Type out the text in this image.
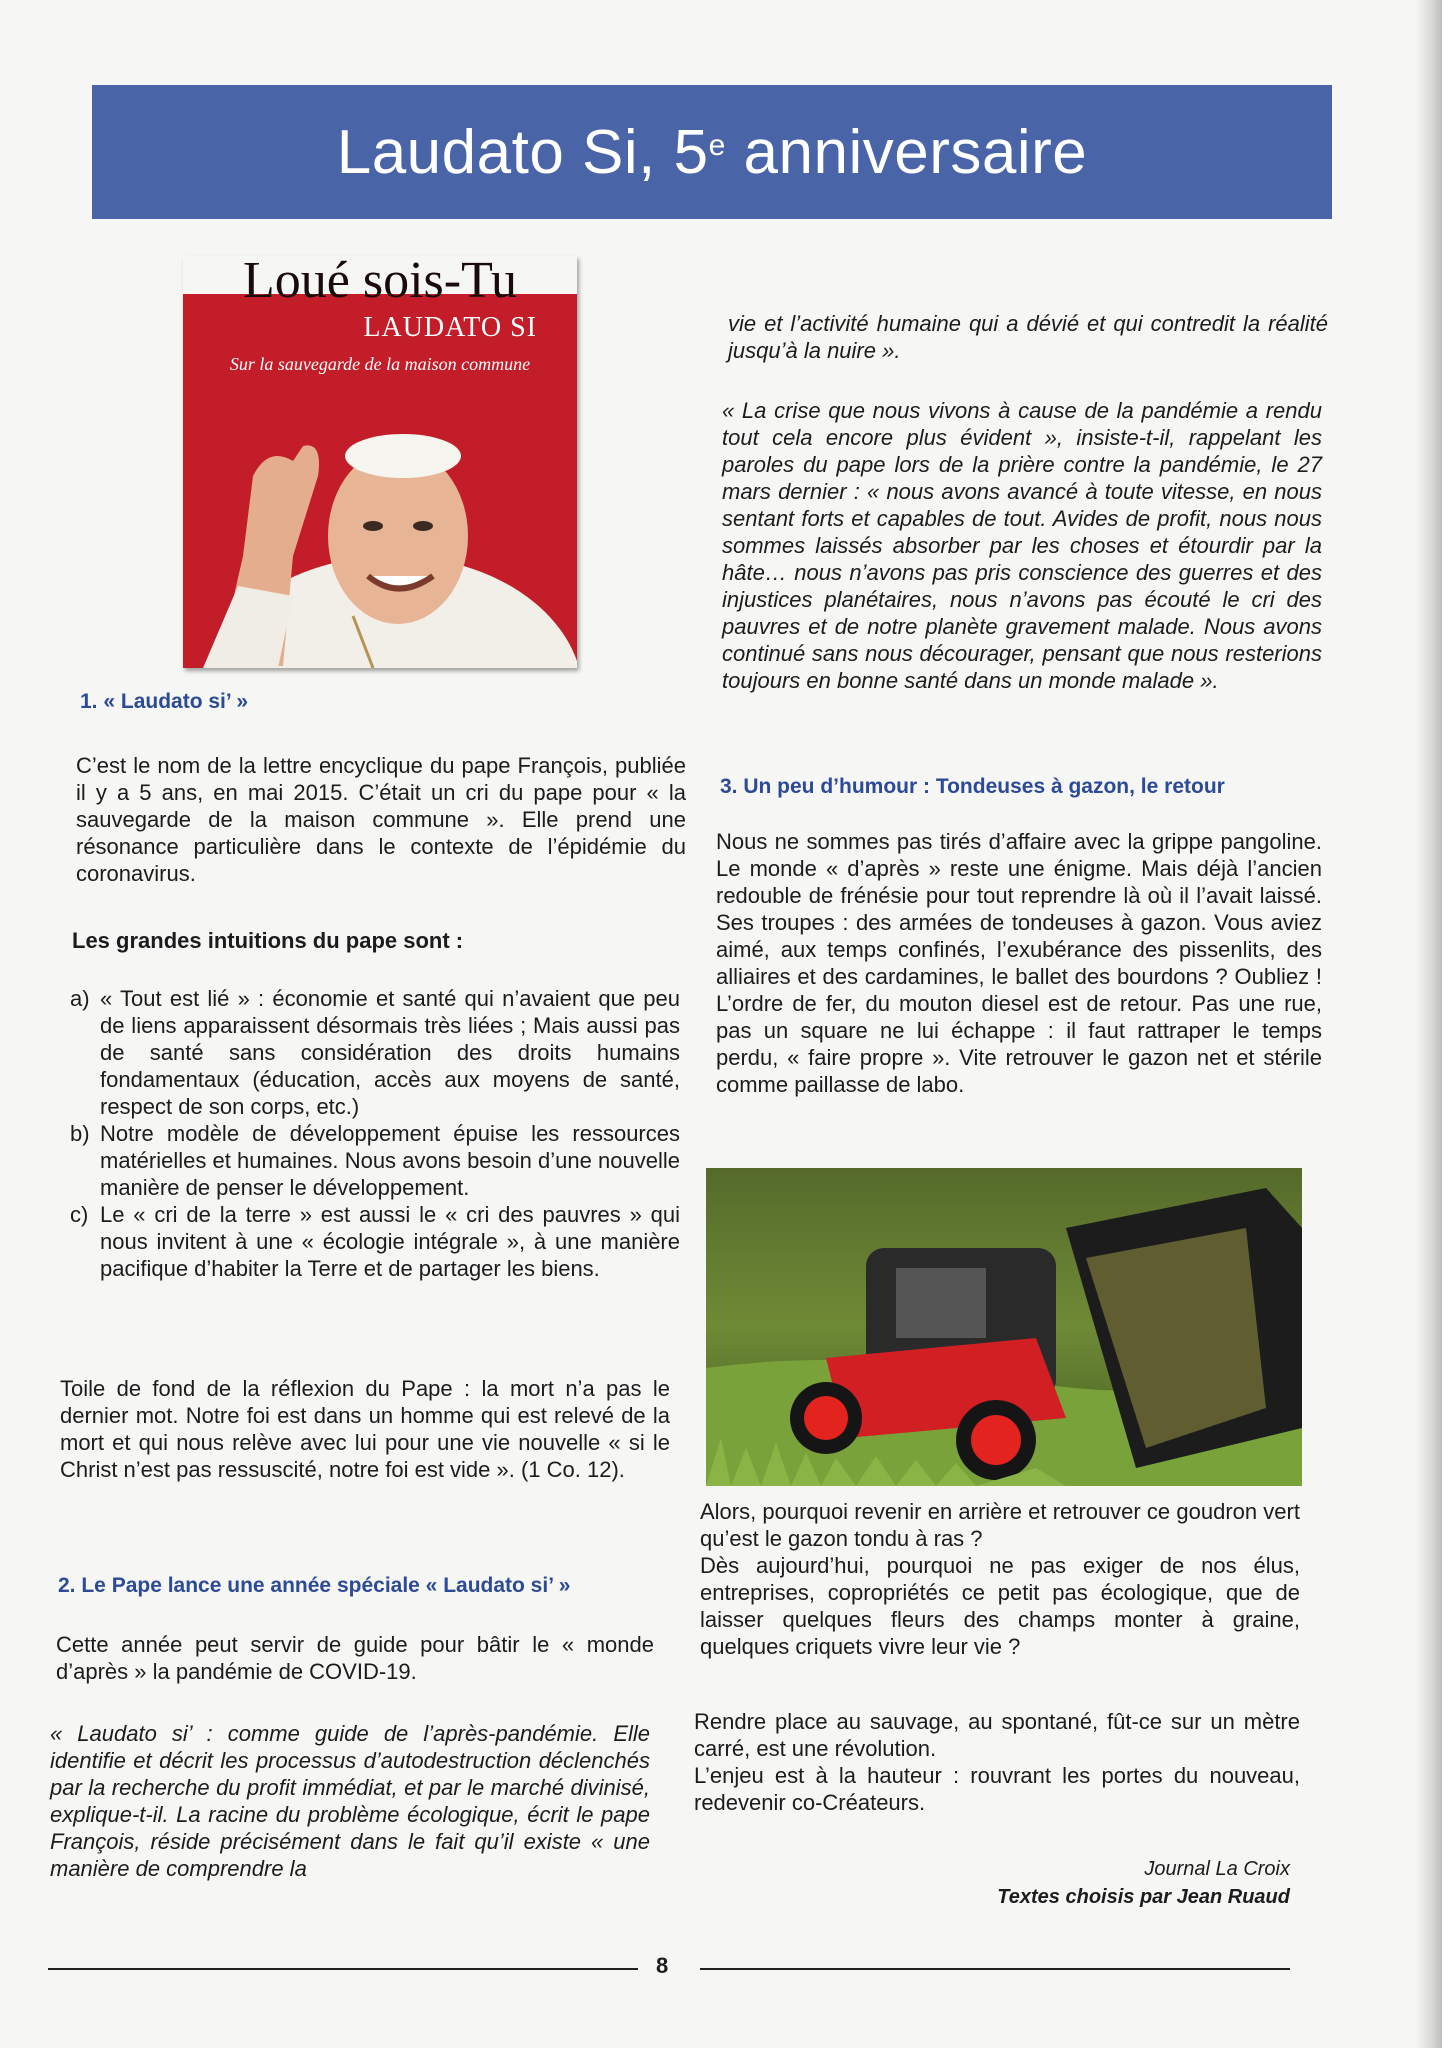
Laudato Si, 5e anniversaire
Loué sois-Tu
LAUDATO SI
Sur la sauvegarde de la maison commune
1. « Laudato si’ »

C’est le nom de la lettre encyclique du pape François, publiée il y a 5 ans, en mai 2015. C’était un cri du pape pour « la sauvegarde de la maison commune ». Elle prend une résonance particulière dans le contexte de l’épidémie du coronavirus.

Les grandes intuitions du pape sont :

a) « Tout est lié » : économie et santé qui n’avaient que peu de liens apparaissent désormais très liées ; Mais aussi pas de santé sans considération des droits humains fondamentaux (éducation, accès aux moyens de santé, respect de son corps, etc.)
b) Notre modèle de développement épuise les ressources matérielles et humaines. Nous avons besoin d’une nouvelle manière de penser le développement.
c) Le « cri de la terre » est aussi le « cri des pauvres » qui nous invitent à une « écologie intégrale », à une manière pacifique d’habiter la Terre et de partager les biens.

Toile de fond de la réflexion du Pape : la mort n’a pas le dernier mot. Notre foi est dans un homme qui est relevé de la mort et qui nous relève avec lui pour une vie nouvelle « si le Christ n’est pas ressuscité, notre foi est vide ». (1 Co. 12).

2. Le Pape lance une année spéciale « Laudato si’ »

Cette année peut servir de guide pour bâtir le « monde d’après » la pandémie de COVID-19.

« Laudato si’ : comme guide de l’après-pandémie. Elle identifie et décrit les processus d’autodestruction déclenchés par la recherche du profit immédiat, et par le marché divinisé, explique-t-il. La racine du problème écologique, écrit le pape François, réside précisément dans le fait qu’il existe « une manière de comprendre la

vie et l’activité humaine qui a dévié et qui contredit la réalité jusqu’à la nuire ».

« La crise que nous vivons à cause de la pandémie a rendu tout cela encore plus évident », insiste-t-il, rappelant les paroles du pape lors de la prière contre la pandémie, le 27 mars dernier : « nous avons avancé à toute vitesse, en nous sentant forts et capables de tout. Avides de profit, nous nous sommes laissés absorber par les choses et étourdir par la hâte… nous n’avons pas pris conscience des guerres et des injustices planétaires, nous n’avons pas écouté le cri des pauvres et de notre planète gravement malade. Nous avons continué sans nous décourager, pensant que nous resterions toujours en bonne santé dans un monde malade ».

3. Un peu d’humour : Tondeuses à gazon, le retour

Nous ne sommes pas tirés d’affaire avec la grippe pangoline. Le monde « d’après » reste une énigme. Mais déjà l’ancien redouble de frénésie pour tout reprendre là où il l’avait laissé. Ses troupes : des armées de tondeuses à gazon. Vous aviez aimé, aux temps confinés, l’exubérance des pissenlits, des alliaires et des cardamines, le ballet des bourdons ? Oubliez ! L’ordre de fer, du mouton diesel est de retour. Pas une rue, pas un square ne lui échappe : il faut rattraper le temps perdu, « faire propre ». Vite retrouver le gazon net et stérile comme paillasse de labo.

Alors, pourquoi revenir en arrière et retrouver ce goudron vert qu’est le gazon tondu à ras ?

Dès aujourd’hui, pourquoi ne pas exiger de nos élus, entreprises, copropriétés ce petit pas écologique, que de laisser quelques fleurs des champs monter à graine, quelques criquets vivre leur vie ?

Rendre place au sauvage, au spontané, fût-ce sur un mètre carré, est une révolution.

L’enjeu est à la hauteur : rouvrant les portes du nouveau, redevenir co-Créateurs.

Journal La Croix
Textes choisis par Jean Ruaud
8
